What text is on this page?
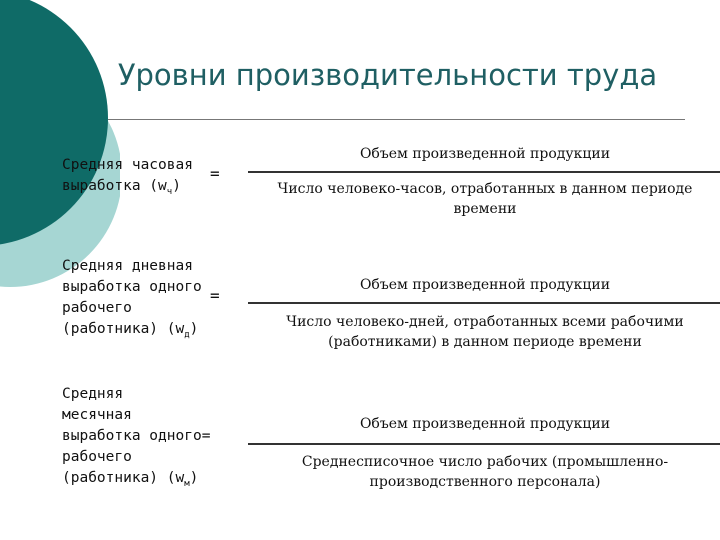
Уровни производительности труда
Средняя часовая
выработка $(w_ч)$
=
Объем произведенной продукции
Число человеко-часов, отработанных в данном периоде времени
Средняя дневная
выработка одного
рабочего
(работника) $(w_д)$
=
Объем произведенной продукции
Число человеко-дней, отработанных всеми рабочими (работниками) в данном периоде времени
Средняя
месячная
выработка одного=
рабочего
(работника) $(w_м)$
Объем произведенной продукции
Среднесписочное число рабочих (промышленно-производственного персонала)
